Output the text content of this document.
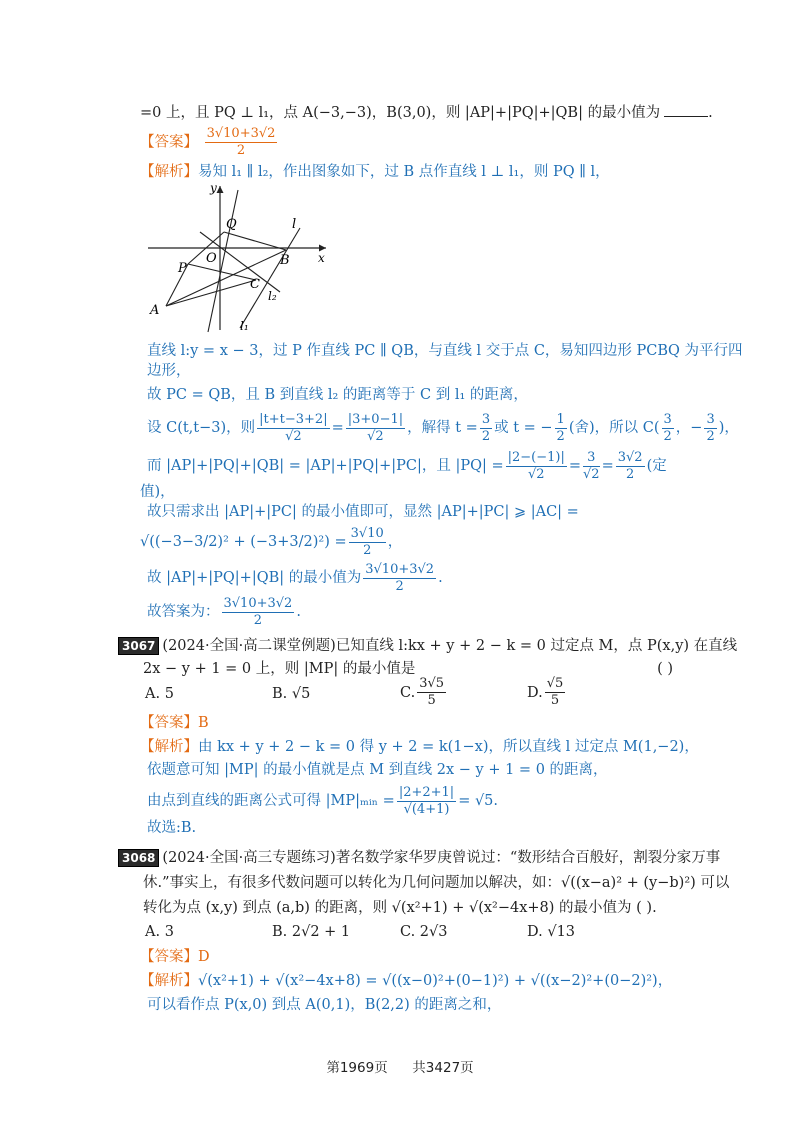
=0 上，且 PQ ⊥ l₁，点 A(−3,−3)，B(3,0)，则 |AP|+|PQ|+|QB| 的最小值为	.
【答案】 $\frac{3√10+3√2}{2}$
【解析】易知 l₁ ∥ l₂，作出图象如下，过 B 点作直线 l ⊥ l₁，则 PQ ∥ l，
y
x
Q	l
O	B
P
C
l₂
A
l₁
直线 l:y = x − 3，过 P 作直线 PC ∥ QB，与直线 l 交于点 C，易知四边形 PCBQ 为平行四
边形，
故 PC = QB，且 B 到直线 l₂ 的距离等于 C 到 l₁ 的距离，
设 C(t,t−3)，则 $\frac{|t+t-3+2|}{√2} = \frac{|3+0-1|}{√2}$ ，解得 $t = \frac{3}{2}$ 或 t = − $\frac{1}{2}$ (舍)，所以 $C( \frac{3}{2}$ ，− $\frac{3}{2}$ )，
而 |AP|+|PQ|+|QB| = |AP|+|PQ|+|PC|，且 $|PQ| = \frac{|2-(-1)|}{√2} = \frac{3}{√2} = \frac{3√2}{2}$ (定
值)，
故只需求出 |AP|+|PC| 的最小值即可，显然 |AP|+|PC| ⩾ |AC| =
$√((-3-3/2)^2 + (-3+3/2)^2) = \frac{3√10}{2}$ ，
故 |AP|+|PQ|+|QB| 的最小值为 $\frac{3√10+3√2}{2}$ .
故答案为： $\frac{3√10+3√2}{2}$ .
3067 (2024·全国·高二课堂例题)已知直线 l:kx + y + 2 − k = 0 过定点 M，点 P(x,y) 在直线
2x − y + 1 = 0 上，则 |MP| 的最小值是	( )
A. 5	B. √5	C. $\frac{3√5}{5}$	D. $\frac{√5}{5}$
【答案】B
【解析】由 kx + y + 2 − k = 0 得 y + 2 = k(1−x)，所以直线 l 过定点 M(1,−2)，
依题意可知 |MP| 的最小值就是点 M 到直线 2x − y + 1 = 0 的距离，
由点到直线的距离公式可得 |MP|ₘᵢₙ = $\frac{|2+2+1|}{√(4+1)} = √5$.
故选:B.
3068 (2024·全国·高三专题练习)著名数学家华罗庚曾说过：“数形结合百般好，割裂分家万事
休.”事实上，有很多代数问题可以转化为几何问题加以解决，如：√((x−a)² + (y−b)²) 可以
转化为点 (x,y) 到点 (a,b) 的距离，则 √(x²+1) + √(x²−4x+8) 的最小值为 ( ).
A. 3	B. 2√2 + 1	C. 2√3	D. √13
【答案】D
【解析】√(x²+1) + √(x²−4x+8) = √((x−0)²+(0−1)²) + √((x−2)²+(0−2)²)，
可以看作点 P(x,0) 到点 A(0,1)，B(2,2) 的距离之和，
第1969页 共3427页
